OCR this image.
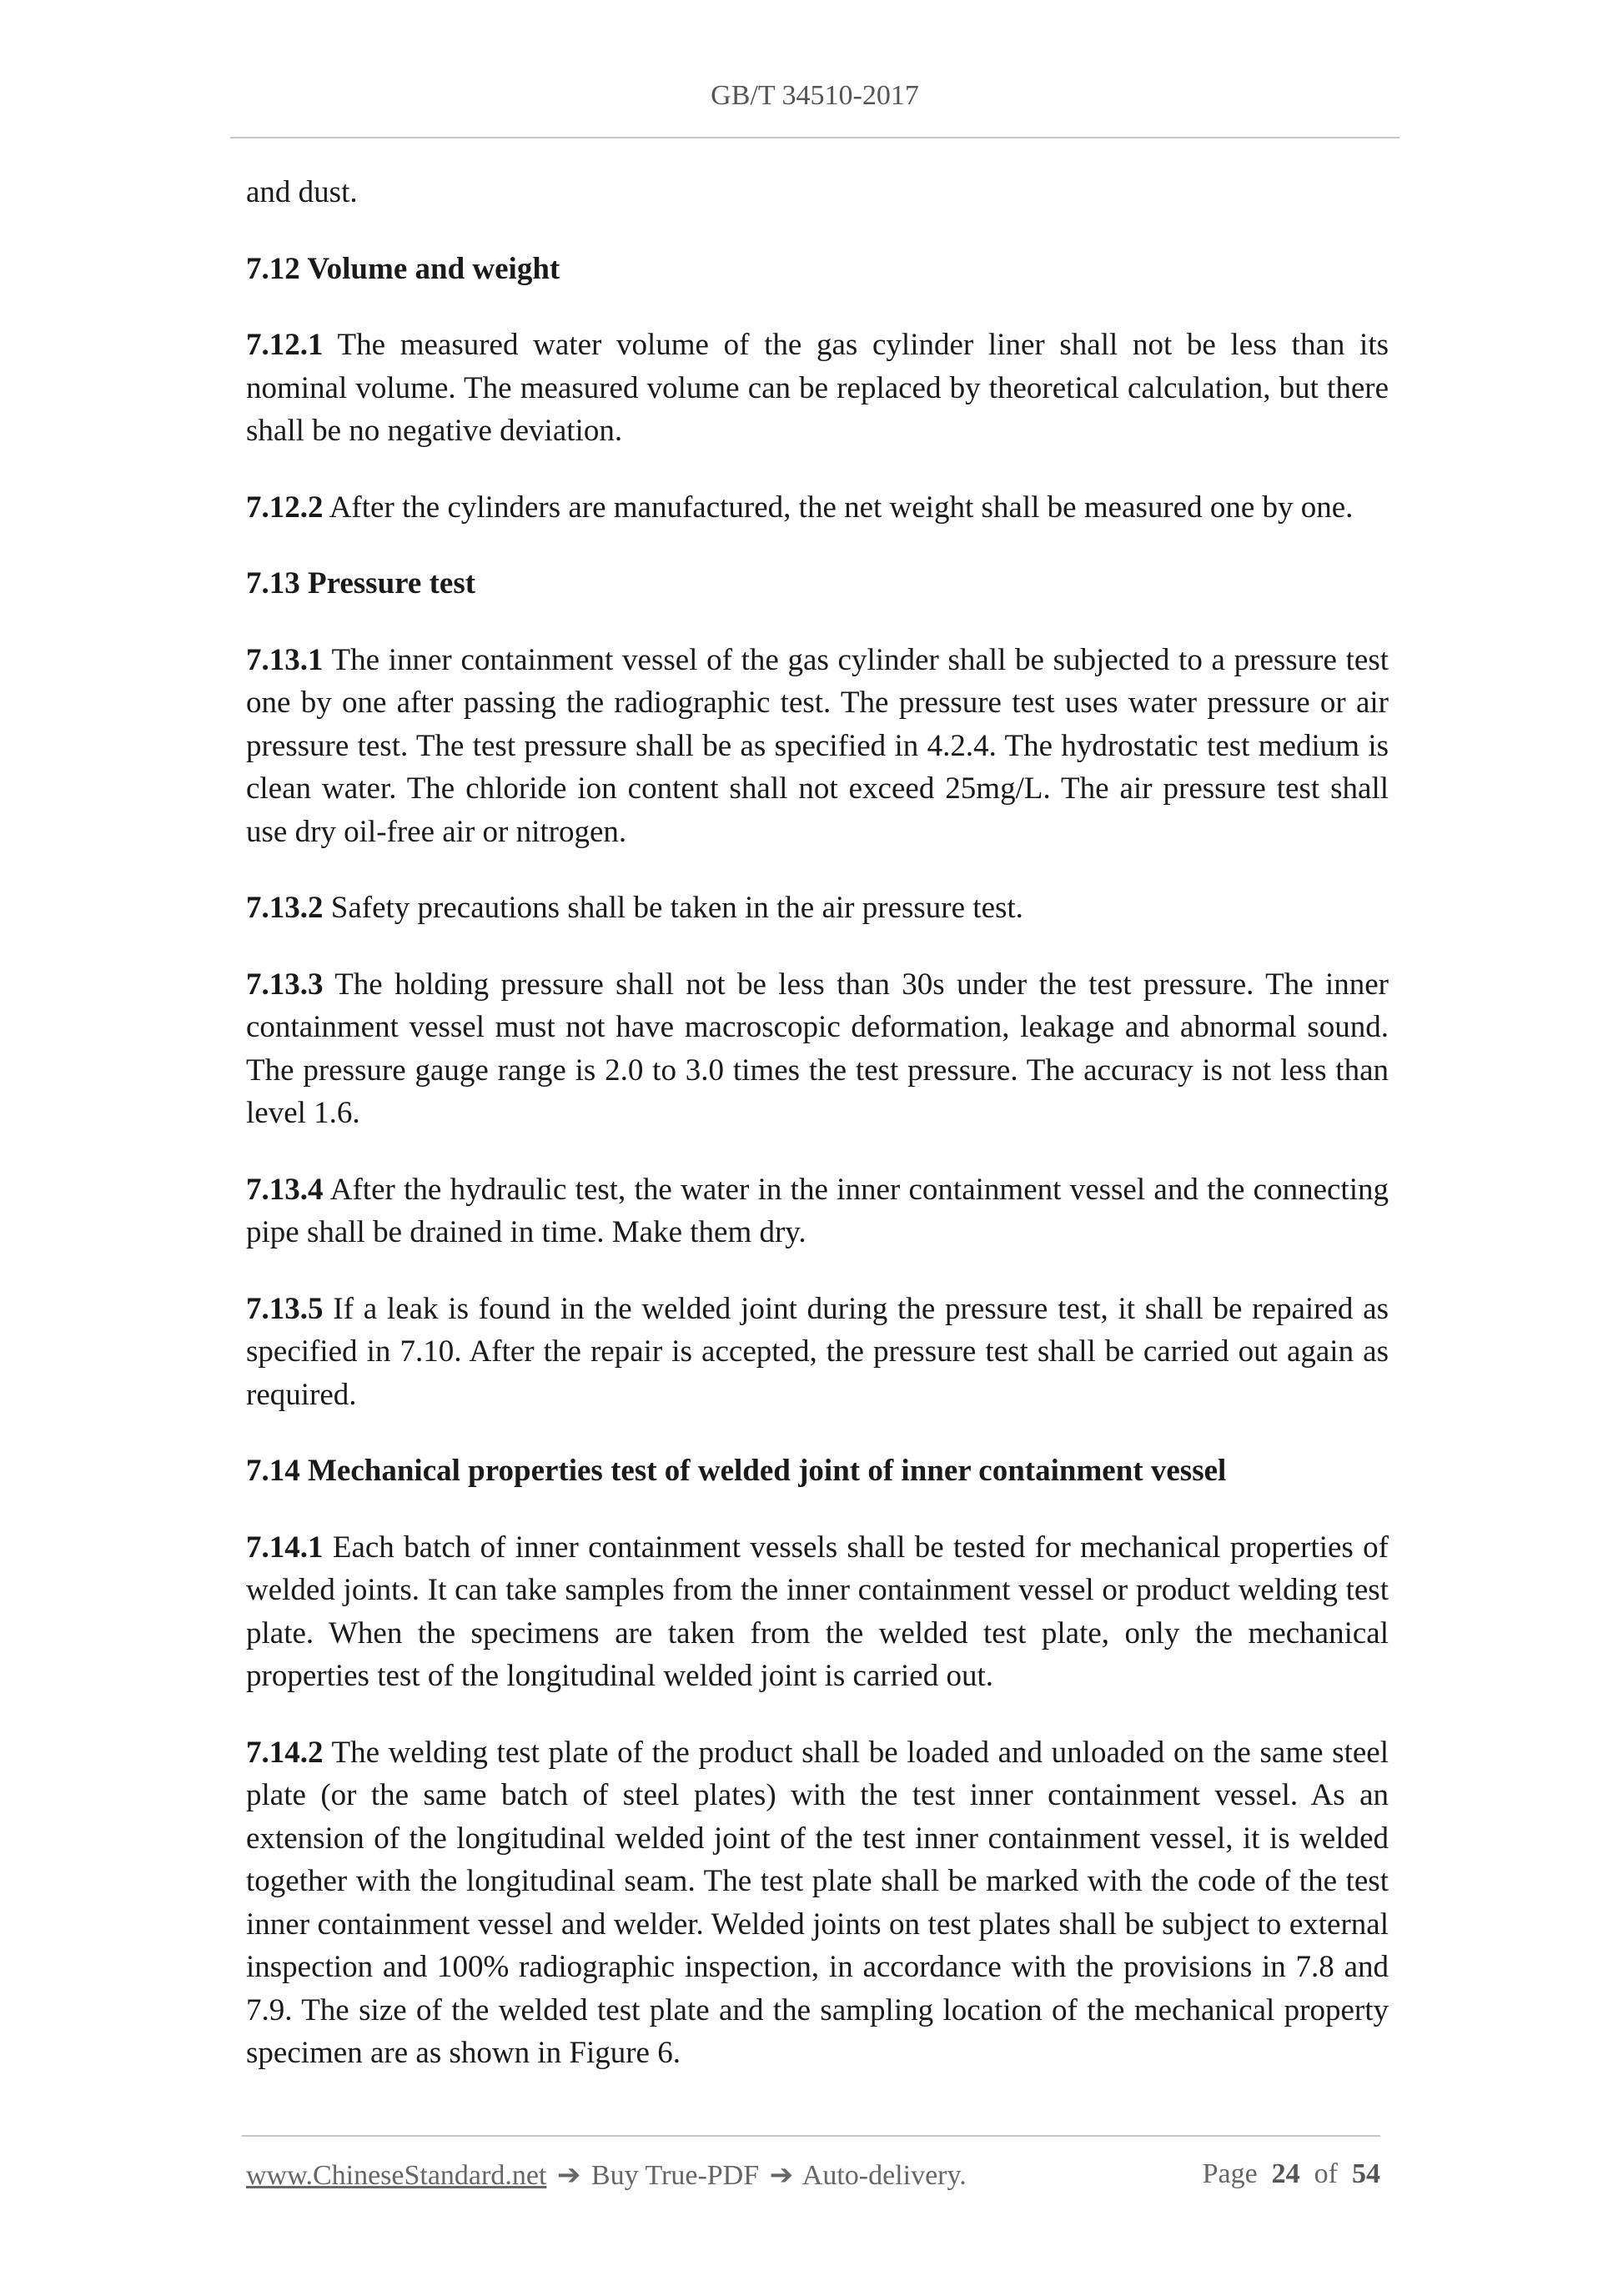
GB/T 34510-2017

and dust.

7.12 Volume and weight

7.12.1 The measured water volume of the gas cylinder liner shall not be less than its nominal volume. The measured volume can be replaced by theoretical calculation, but there shall be no negative deviation.

7.12.2 After the cylinders are manufactured, the net weight shall be measured one by one.

7.13 Pressure test

7.13.1 The inner containment vessel of the gas cylinder shall be subjected to a pressure test one by one after passing the radiographic test. The pressure test uses water pressure or air pressure test. The test pressure shall be as specified in 4.2.4. The hydrostatic test medium is clean water. The chloride ion content shall not exceed 25mg/L. The air pressure test shall use dry oil-free air or nitrogen.

7.13.2 Safety precautions shall be taken in the air pressure test.

7.13.3 The holding pressure shall not be less than 30s under the test pressure. The inner containment vessel must not have macroscopic deformation, leakage and abnormal sound. The pressure gauge range is 2.0 to 3.0 times the test pressure. The accuracy is not less than level 1.6.

7.13.4 After the hydraulic test, the water in the inner containment vessel and the connecting pipe shall be drained in time. Make them dry.

7.13.5 If a leak is found in the welded joint during the pressure test, it shall be repaired as specified in 7.10. After the repair is accepted, the pressure test shall be carried out again as required.

7.14 Mechanical properties test of welded joint of inner containment vessel

7.14.1 Each batch of inner containment vessels shall be tested for mechanical properties of welded joints. It can take samples from the inner containment vessel or product welding test plate. When the specimens are taken from the welded test plate, only the mechanical properties test of the longitudinal welded joint is carried out.

7.14.2 The welding test plate of the product shall be loaded and unloaded on the same steel plate (or the same batch of steel plates) with the test inner containment vessel. As an extension of the longitudinal welded joint of the test inner containment vessel, it is welded together with the longitudinal seam. The test plate shall be marked with the code of the test inner containment vessel and welder. Welded joints on test plates shall be subject to external inspection and 100% radiographic inspection, in accordance with the provisions in 7.8 and 7.9. The size of the welded test plate and the sampling location of the mechanical property specimen are as shown in Figure 6.

www.ChineseStandard.net ➔ Buy True-PDF ➔ Auto-delivery.	Page 24 of 54
